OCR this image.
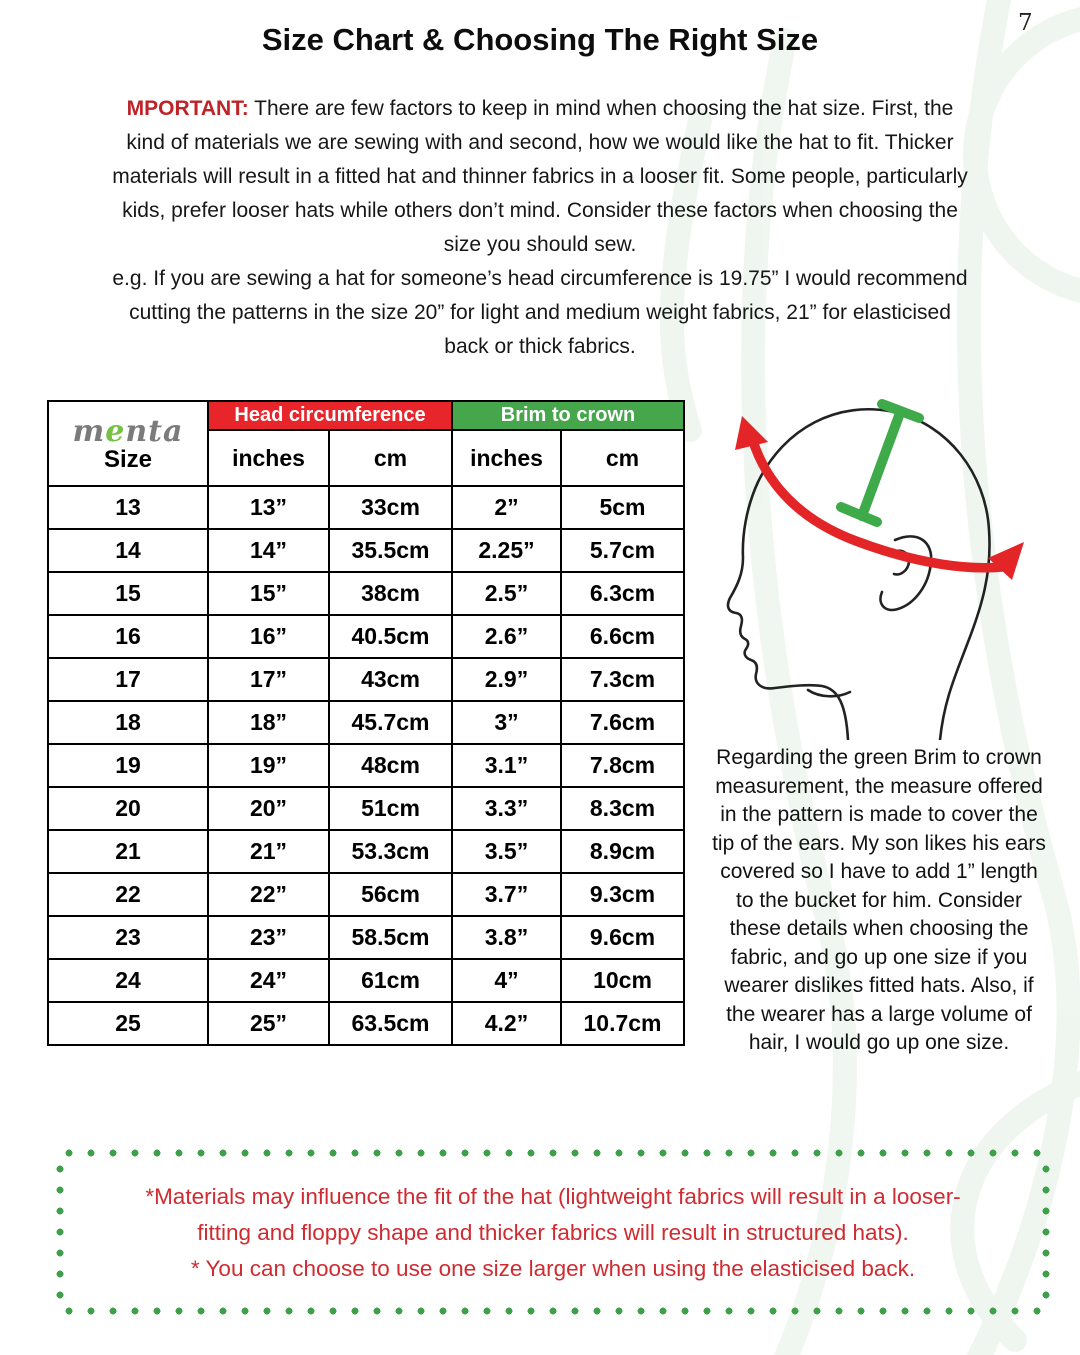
7
Size Chart & Choosing The Right Size
MPORTANT: There are few factors to keep in mind when choosing the hat size. First, the
kind of materials we are sewing with and second, how we would like the hat to fit. Thicker
materials will result in a fitted hat and thinner fabrics in a looser fit. Some people, particularly
kids, prefer looser hats while others don’t mind. Consider these factors when choosing the
size you should sew.
e.g. If you are sewing a hat for someone’s head circumference is 19.75” I would recommend
cutting the patterns in the size 20” for light and medium weight fabrics, 21” for elasticised
back or thick fabrics.
menta
Size	Head circumference		Brim to crown	
	inches	cm	inches	cm
13	13”	33cm	2”	5cm
14	14”	35.5cm	2.25”	5.7cm
15	15”	38cm	2.5”	6.3cm
16	16”	40.5cm	2.6”	6.6cm
17	17”	43cm	2.9”	7.3cm
18	18”	45.7cm	3”	7.6cm
19	19”	48cm	3.1”	7.8cm
20	20”	51cm	3.3”	8.3cm
21	21”	53.3cm	3.5”	8.9cm
22	22”	56cm	3.7”	9.3cm
23	23”	58.5cm	3.8”	9.6cm
24	24”	61cm	4”	10cm
25	25”	63.5cm	4.2”	10.7cm
Regarding the green Brim to crown
measurement, the measure offered
in the pattern is made to cover the
tip of the ears. My son likes his ears
covered so I have to add 1” length
to the bucket for him. Consider
these details when choosing the
fabric, and go up one size if you
wearer dislikes fitted hats. Also, if
the wearer has a large volume of
hair, I would go up one size.
*Materials may influence the fit of the hat (lightweight fabrics will result in a looser-
fitting and floppy shape and thicker fabrics will result in structured hats).
* You can choose to use one size larger when using the elasticised back.
